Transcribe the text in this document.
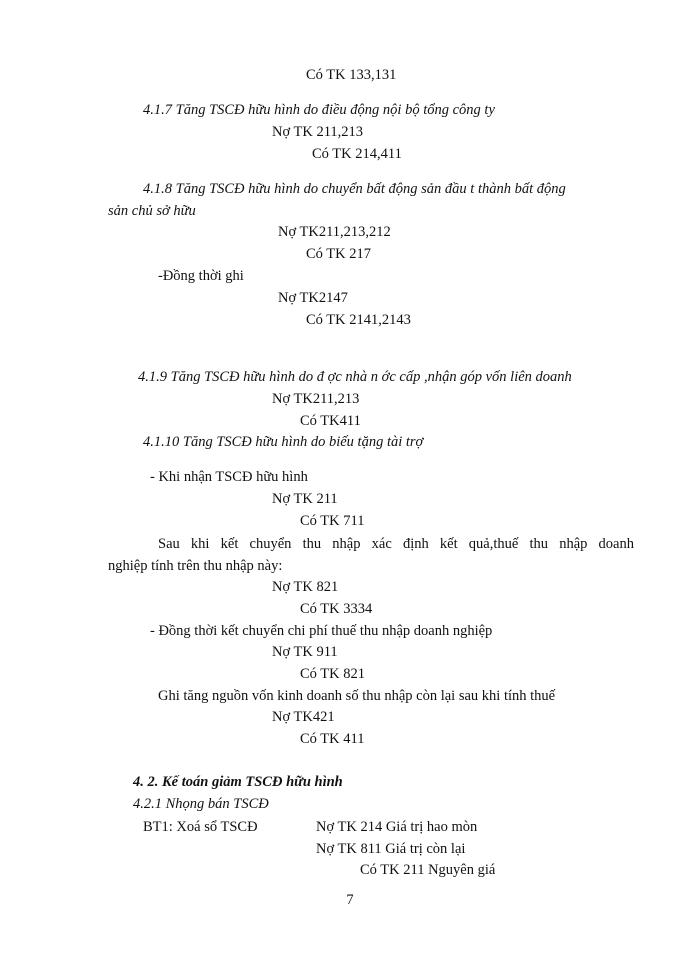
Có TK 133,131
4.1.7 Tăng TSCĐ hữu hình do điều động nội bộ tổng công ty
Nợ TK 211,213
Có TK 214,411
4.1.8 Tăng TSCĐ hữu hình do chuyển bất động sản đầu t thành bất động
sản chủ sở hữu
Nợ TK211,213,212
Có TK 217
-Đồng thời ghi
Nợ TK2147
Có TK 2141,2143
4.1.9 Tăng TSCĐ hữu hình do đ ợc nhà n ớc cấp ,nhận góp vốn liên doanh
Nợ TK211,213
Có TK411
4.1.10 Tăng TSCĐ hữu hình do biếu tặng tài trợ
- Khi nhận TSCĐ hữu hình
Nợ TK 211
Có TK 711
Sau khi kết chuyển thu nhập xác định kết quả,thuế thu nhập doanh
nghiệp tính trên thu nhập này:
Nợ TK 821
Có TK 3334
- Đồng thời kết chuyển chi phí thuế thu nhập doanh nghiệp
Nợ TK 911
Có TK 821
Ghi tăng nguồn vốn kinh doanh số thu nhập còn lại sau khi tính thuế
Nợ TK421
Có TK 411
4. 2. Kế toán giảm TSCĐ hữu hình
4.2.1 Nhọng bán TSCĐ
BT1: Xoá sổ TSCĐ	Nợ TK 214 Giá trị hao mòn
Nợ TK 811 Giá trị còn lại
Có TK 211 Nguyên giá
7
